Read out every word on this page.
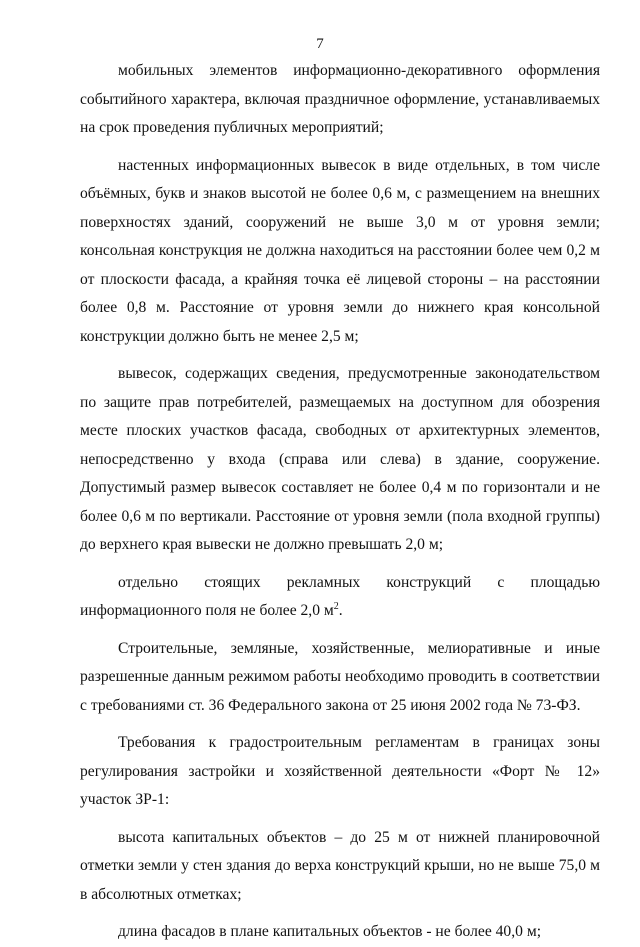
7

мобильных элементов информационно-декоративного оформления событийного характера, включая праздничное оформление, устанавливаемых на срок проведения публичных мероприятий;

настенных информационных вывесок в виде отдельных, в том числе объёмных, букв и знаков высотой не более 0,6 м, с размещением на внешних поверхностях зданий, сооружений не выше 3,0 м от уровня земли; консольная конструкция не должна находиться на расстоянии более чем 0,2 м от плоскости фасада, а крайняя точка её лицевой стороны – на расстоянии более 0,8 м. Расстояние от уровня земли до нижнего края консольной конструкции должно быть не менее 2,5 м;

вывесок, содержащих сведения, предусмотренные законодательством по защите прав потребителей, размещаемых на доступном для обозрения месте плоских участков фасада, свободных от архитектурных элементов, непосредственно у входа (справа или слева) в здание, сооружение. Допустимый размер вывесок составляет не более 0,4 м по горизонтали и не более 0,6 м по вертикали. Расстояние от уровня земли (пола входной группы) до верхнего края вывески не должно превышать 2,0 м;

отдельно стоящих рекламных конструкций с площадью информационного поля не более 2,0 $м^2$.

Строительные, земляные, хозяйственные, мелиоративные и иные разрешенные данным режимом работы необходимо проводить в соответствии с требованиями ст. 36 Федерального закона от 25 июня 2002 года № 73-ФЗ.

Требования к градостроительным регламентам в границах зоны регулирования застройки и хозяйственной деятельности «Форт № 12» участок ЗР-1:

высота капитальных объектов – до 25 м от нижней планировочной отметки земли у стен здания до верха конструкций крыши, но не выше 75,0 м в абсолютных отметках;

длина фасадов в плане капитальных объектов - не более 40,0 м;
